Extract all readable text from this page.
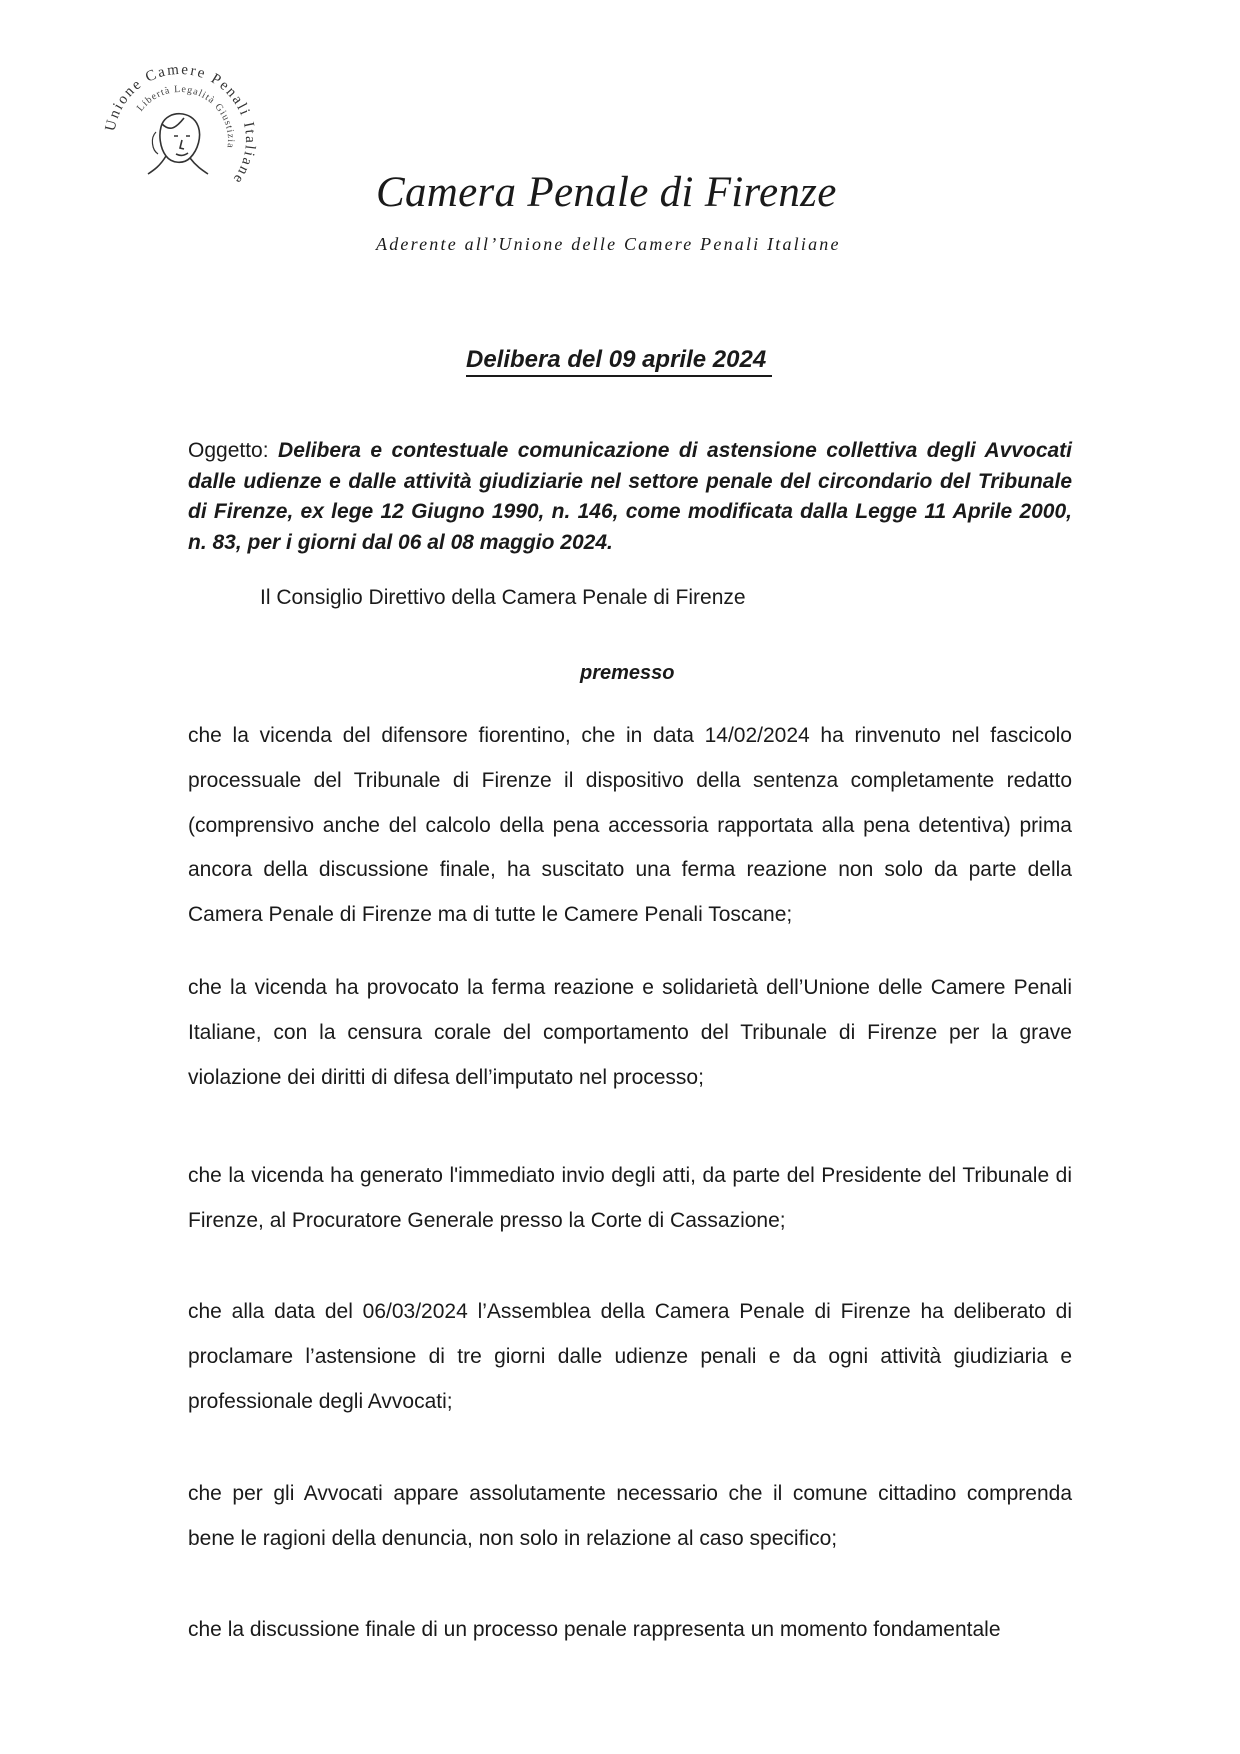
Unione Camere Penali Italiane
Libertà Legalità Giustizia
Camera Penale di Firenze
Aderente all’Unione delle Camere Penali Italiane
Delibera del 09 aprile 2024
Oggetto: Delibera e contestuale comunicazione di astensione collettiva degli Avvocati dalle udienze e dalle attività giudiziarie nel settore penale del circondario del Tribunale di Firenze, ex lege 12 Giugno 1990, n. 146, come modificata dalla Legge 11 Aprile 2000, n. 83, per i giorni dal 06 al 08 maggio 2024.
Il Consiglio Direttivo della Camera Penale di Firenze
premesso
che la vicenda del difensore fiorentino, che in data 14/02/2024 ha rinvenuto nel fascicolo processuale del Tribunale di Firenze il dispositivo della sentenza completamente redatto (comprensivo anche del calcolo della pena accessoria rapportata alla pena detentiva) prima ancora della discussione finale, ha suscitato una ferma reazione non solo da parte della Camera Penale di Firenze ma di tutte le Camere Penali Toscane;
che la vicenda ha provocato la ferma reazione e solidarietà dell’Unione delle Camere Penali Italiane, con la censura corale del comportamento del Tribunale di Firenze per la grave violazione dei diritti di difesa dell’imputato nel processo;
che la vicenda ha generato l'immediato invio degli atti, da parte del Presidente del Tribunale di Firenze, al Procuratore Generale presso la Corte di Cassazione;
che alla data del 06/03/2024 l’Assemblea della Camera Penale di Firenze ha deliberato di proclamare l’astensione di tre giorni dalle udienze penali e da ogni attività giudiziaria e professionale degli Avvocati;
che per gli Avvocati appare assolutamente necessario che il comune cittadino comprenda bene le ragioni della denuncia, non solo in relazione al caso specifico;
che la discussione finale di un processo penale rappresenta un momento fondamentale
